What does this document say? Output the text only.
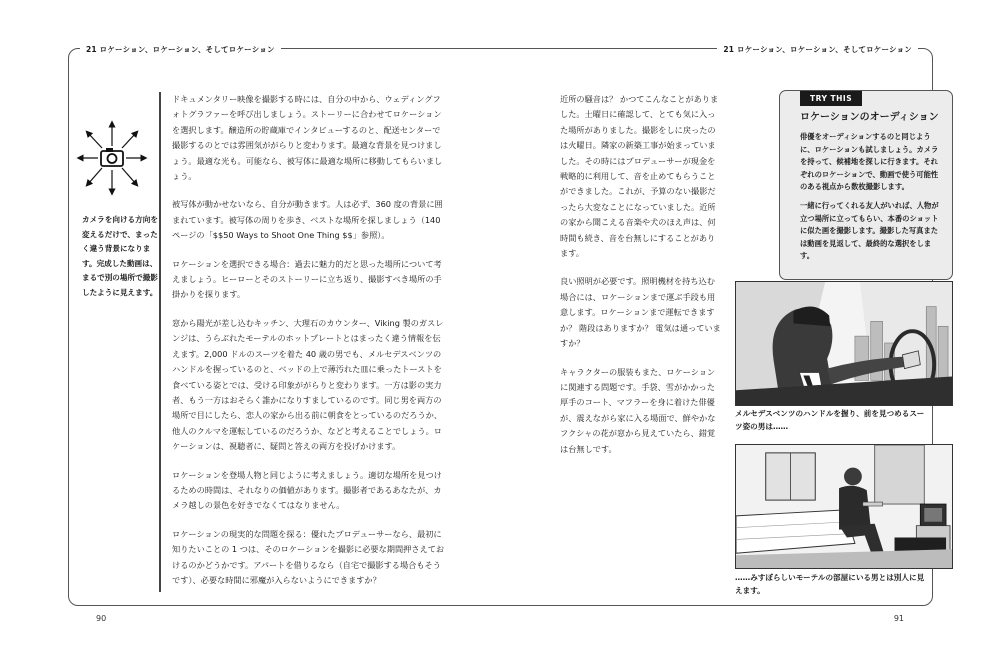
21 ロケーション、ロケーション、そしてロケーション	21 ロケーション、ロケーション、そしてロケーション
カメラを向ける方向を変えるだけで、まったく違う背景になります。完成した動画は、まるで別の場所で撮影したように見えます。

ドキュメンタリー映像を撮影する時には、自分の中から、ウェディングフォトグラファーを呼び出しましょう。ストーリーに合わせてロケーションを選択します。醸造所の貯蔵庫でインタビューするのと、配送センターで撮影するのとでは雰囲気ががらりと変わります。最適な背景を見つけましょう。最適な光も。可能なら、被写体に最適な場所に移動してもらいましょう。

被写体が動かせないなら、自分が動きます。人は必ず、360 度の背景に囲まれています。被写体の周りを歩き、ベストな場所を探しましょう（140 ページの「$$50 Ways to Shoot One Thing $$」参照）。

ロケーションを選択できる場合：過去に魅力的だと思った場所について考えましょう。ヒーローとそのストーリーに立ち返り、撮影すべき場所の手掛かりを探ります。

窓から陽光が差し込むキッチン、大理石のカウンター、Viking 製のガスレンジは、うらぶれたモーテルのホットプレートとはまったく違う情報を伝えます。2,000 ドルのスーツを着た 40 歳の男でも、メルセデスベンツのハンドルを握っているのと、ベッドの上で薄汚れた皿に乗ったトーストを食べている姿とでは、受ける印象ががらりと変わります。一方は影の実力者、もう一方はおそらく誰かになりすましているのです。同じ男を両方の場所で目にしたら、恋人の家から出る前に朝食をとっているのだろうか、他人のクルマを運転しているのだろうか、などと考えることでしょう。ロケーションは、視聴者に、疑問と答えの両方を投げかけます。

ロケーションを登場人物と同じように考えましょう。適切な場所を見つけるための時間は、それなりの価値があります。撮影者であるあなたが、カメラ越しの景色を好きでなくてはなりません。

ロケーションの現実的な問題を探る：優れたプロデューサーなら、最初に知りたいことの 1 つは、そのロケーションを撮影に必要な期間押さえておけるのかどうかです。アパートを借りるなら（自宅で撮影する場合もそうです）、必要な時間に邪魔が入らないようにできますか？

近所の騒音は？ かつてこんなことがありました。土曜日に確認して、とても気に入った場所がありました。撮影をしに戻ったのは火曜日。隣家の新築工事が始まっていました。その時にはプロデューサーが現金を戦略的に利用して、音を止めてもらうことができました。これが、予算のない撮影だったら大変なことになっていました。近所の家から聞こえる音楽や犬のほえ声は、何時間も続き、音を台無しにすることがあります。

良い照明が必要です。照明機材を持ち込む場合には、ロケーションまで運ぶ手段も用意します。ロケーションまで運転できますか？ 階段はありますか？ 電気は通っていますか？

キャラクターの服装もまた、ロケーションに関連する問題です。手袋、雪がかかった厚手のコート、マフラーを身に着けた俳優が、震えながら家に入る場面で、鮮やかなフクシャの花が窓から見えていたら、錯覚は台無しです。

TRY THIS
ロケーションのオーディション

俳優をオーディションするのと同じように、ロケーションも試しましょう。カメラを持って、候補地を探しに行きます。それぞれのロケーションで、動画で使う可能性のある視点から数枚撮影します。

一緒に行ってくれる友人がいれば、人物が立つ場所に立ってもらい、本番のショットに似た画を撮影します。撮影した写真または動画を見返して、最終的な選択をします。

メルセデスベンツのハンドルを握り、前を見つめるスーツ姿の男は……
……みすぼらしいモーテルの部屋にいる男とは別人に見えます。
90	91
